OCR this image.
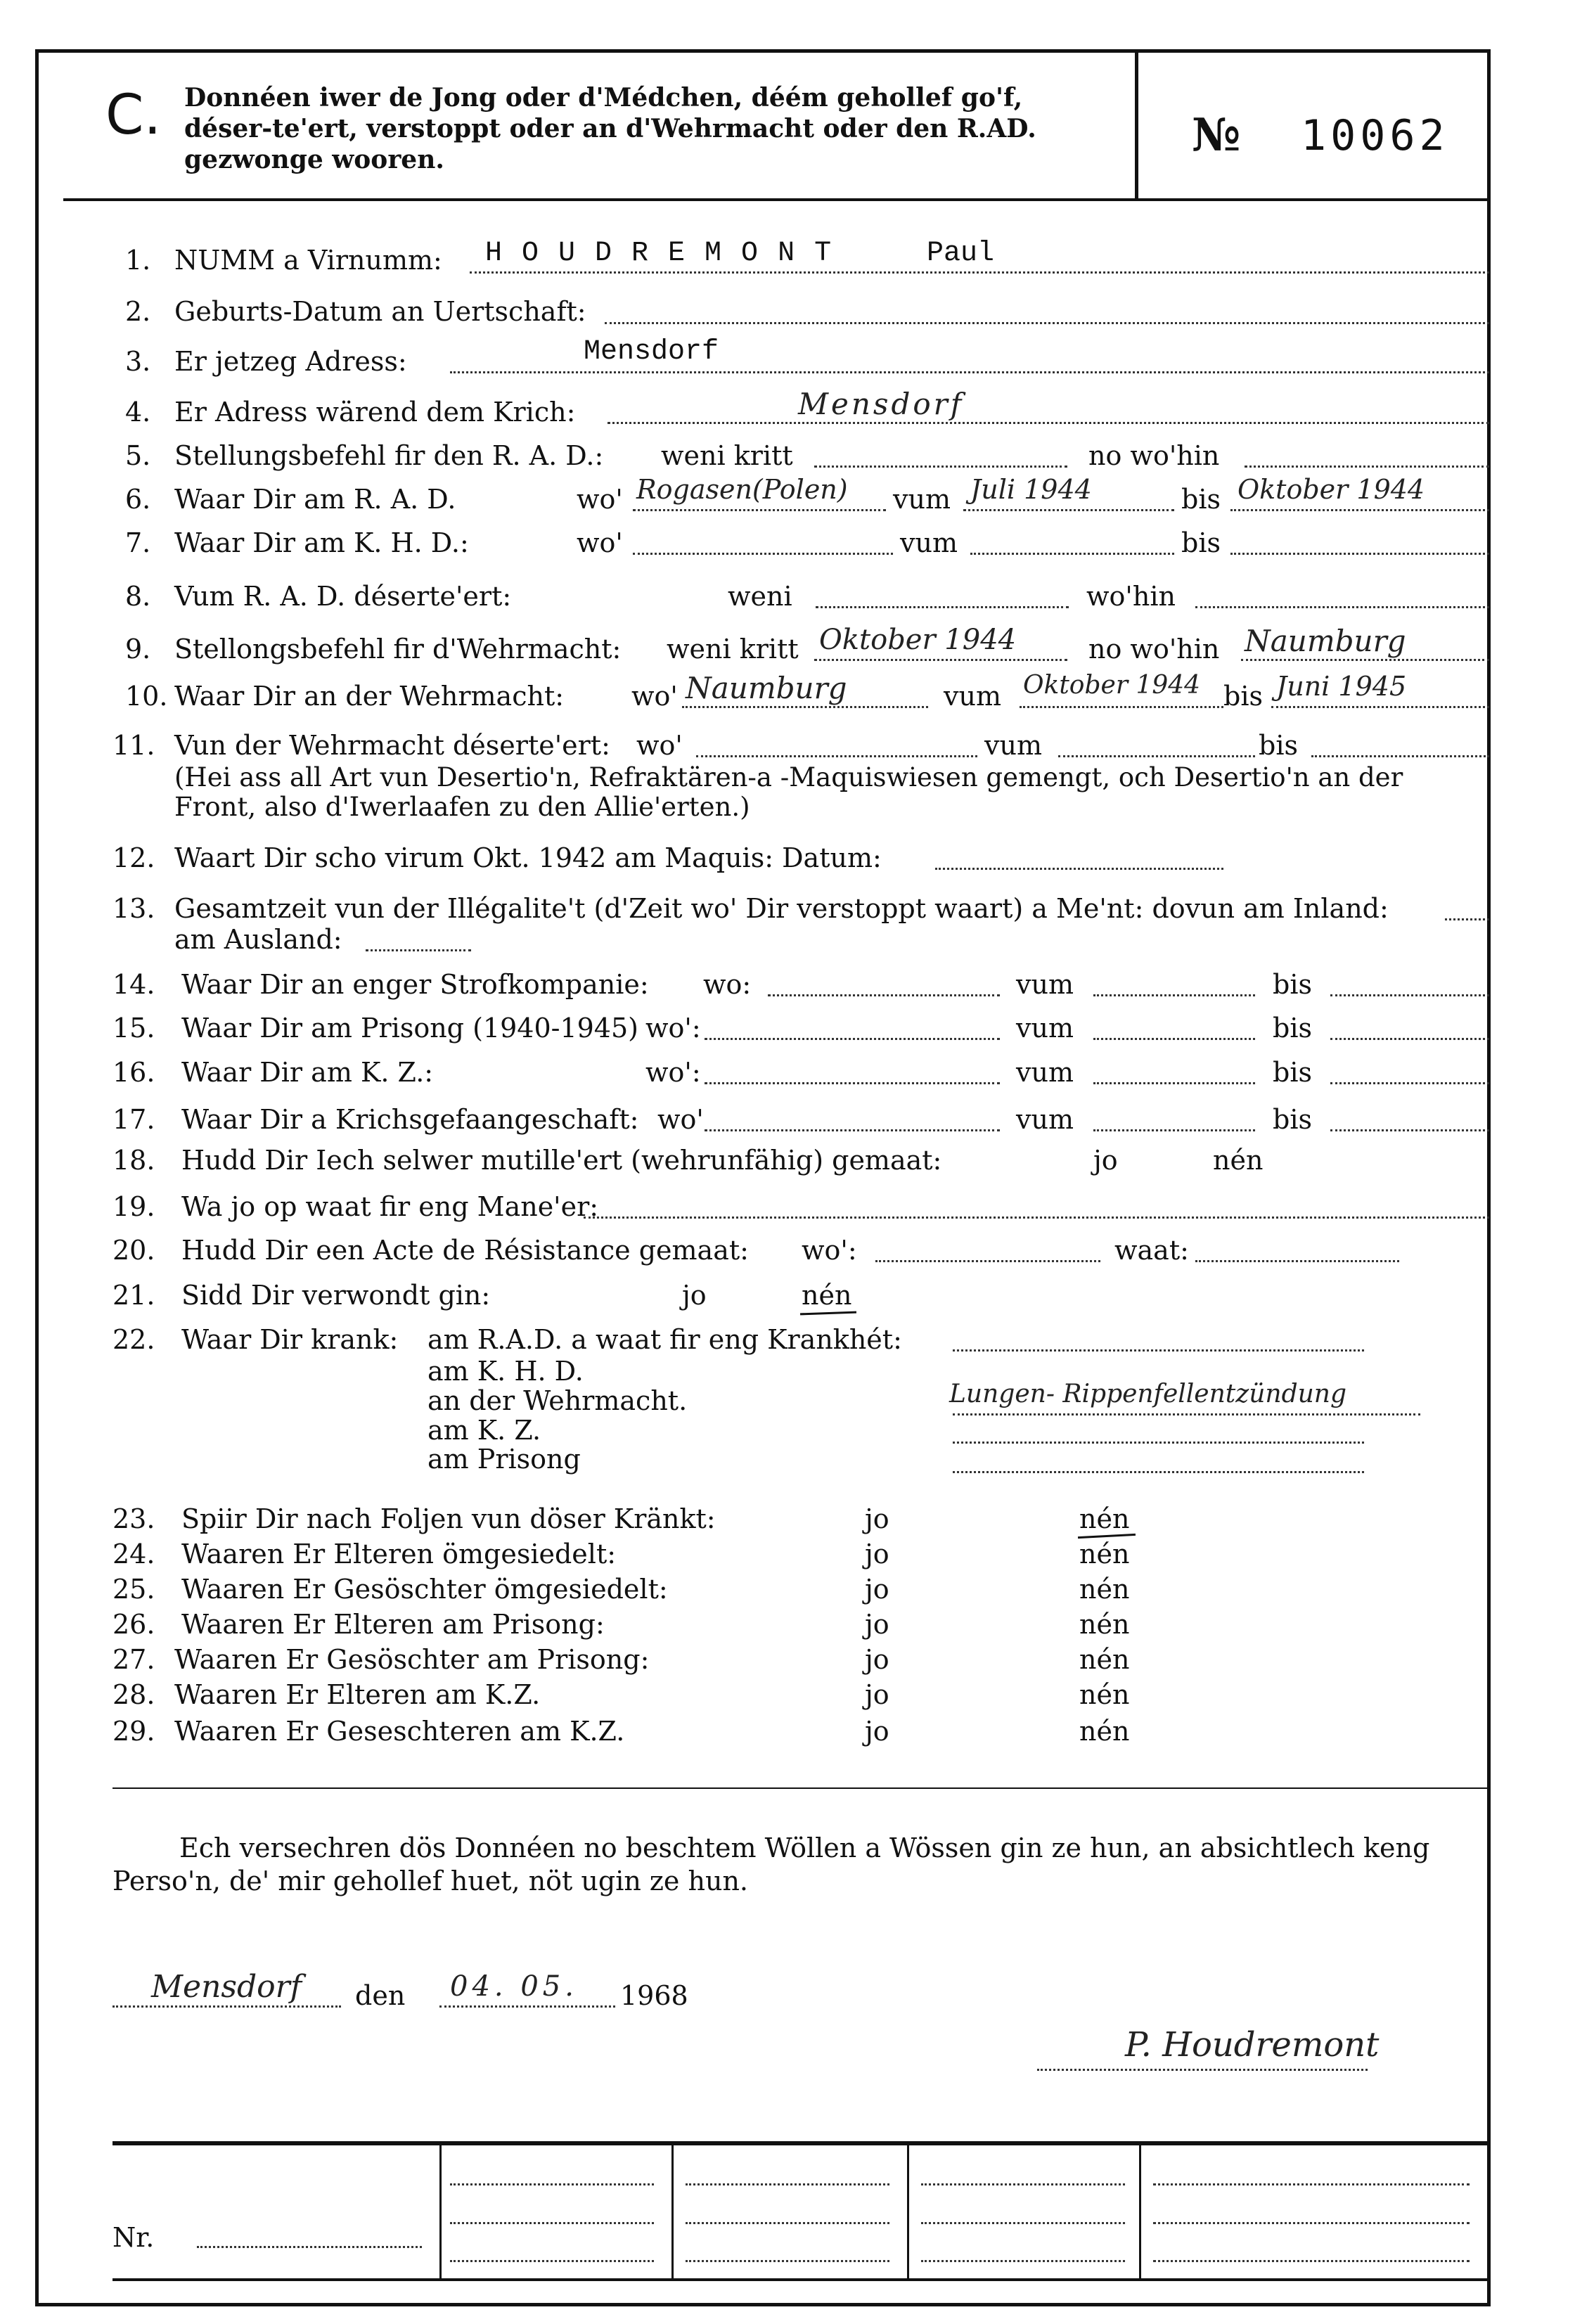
C. Donnéen iwer de Jong oder d'Médchen, déém gehollef go'f, déser-te'ert, verstoppt oder an d'Wehrmacht oder den R.AD. gezwonge wooren.	№ 10062
1. NUMM a Virnumm: H O U D R E M O N T	Paul
2. Geburts-Datum an Uertschaft:
3. Er jetzeg Adress:	Mensdorf
4. Er Adress wärend dem Krich:	Mensdorf
5. Stellungsbefehl fir den R. A. D.: weni kritt	no wo'hin
6. Waar Dir am R. A. D.	wo' Rogasen(Polen) vum Juli 1944	bis Oktober 1944
7. Waar Dir am K. H. D.:	wo'	vum	bis
8. Vum R. A. D. déserte'ert:	weni	wo'hin
9. Stellongsbefehl fir d'Wehrmacht: weni kritt Oktober 1944	no wo'hin Naumburg
10. Waar Dir an der Wehrmacht:	wo' Naumburg	vum Oktober 1944 bis Juni 1945
11. Vun der Wehrmacht déserte'ert: wo'	vum	bis
(Hei ass all Art vun Desertio'n, Refraktären-a -Maquiswiesen gemengt, och Desertio'n an der
Front, also d'Iwerlaafen zu den Allie'erten.)
12. Waart Dir scho virum Okt. 1942 am Maquis: Datum:
13. Gesamtzeit vun der Illégalite't (d'Zeit wo' Dir verstoppt waart) a Me'nt: dovun am Inland:
am Ausland:
14. Waar Dir an enger Strofkompanie: wo:	vum	bis
15. Waar Dir am Prisong (1940-1945) wo':	vum	bis
16. Waar Dir am K. Z.:	wo':	vum	bis
17. Waar Dir a Krichsgefaangeschaft: wo'	vum	bis
18. Hudd Dir Iech selwer mutille'ert (wehrunfähig) gemaat:	jo	nén
19. Wa jo op waat fir eng Mane'er:
20. Hudd Dir een Acte de Résistance gemaat: wo':	waat:
21. Sidd Dir verwondt gin:	jo	nén
22. Waar Dir krank: am R.A.D. a waat fir eng Krankhét:
am K. H. D.
an der Wehrmacht.	Lungen- Rippenfellentzündung
am K. Z.
am Prisong
23. Spiir Dir nach Foljen vun döser Kränkt:	jo	nén
24. Waaren Er Elteren ömgesiedelt:	jo	nén
25. Waaren Er Gesöschter ömgesiedelt:	jo	nén
26. Waaren Er Elteren am Prisong:	jo	nén
27. Waaren Er Gesöschter am Prisong:	jo	nén
28. Waaren Er Elteren am K.Z.	jo	nén
29. Waaren Er Geseschteren am K.Z.	jo	nén
Ech versechren dös Donnéen no beschtem Wöllen a Wössen gin ze hun, an absichtlech keng
Perso'n, de' mir gehollef huet, nöt ugin ze hun.
Mensdorf den 04. 05. 1968
P. Houdremont
Nr.
